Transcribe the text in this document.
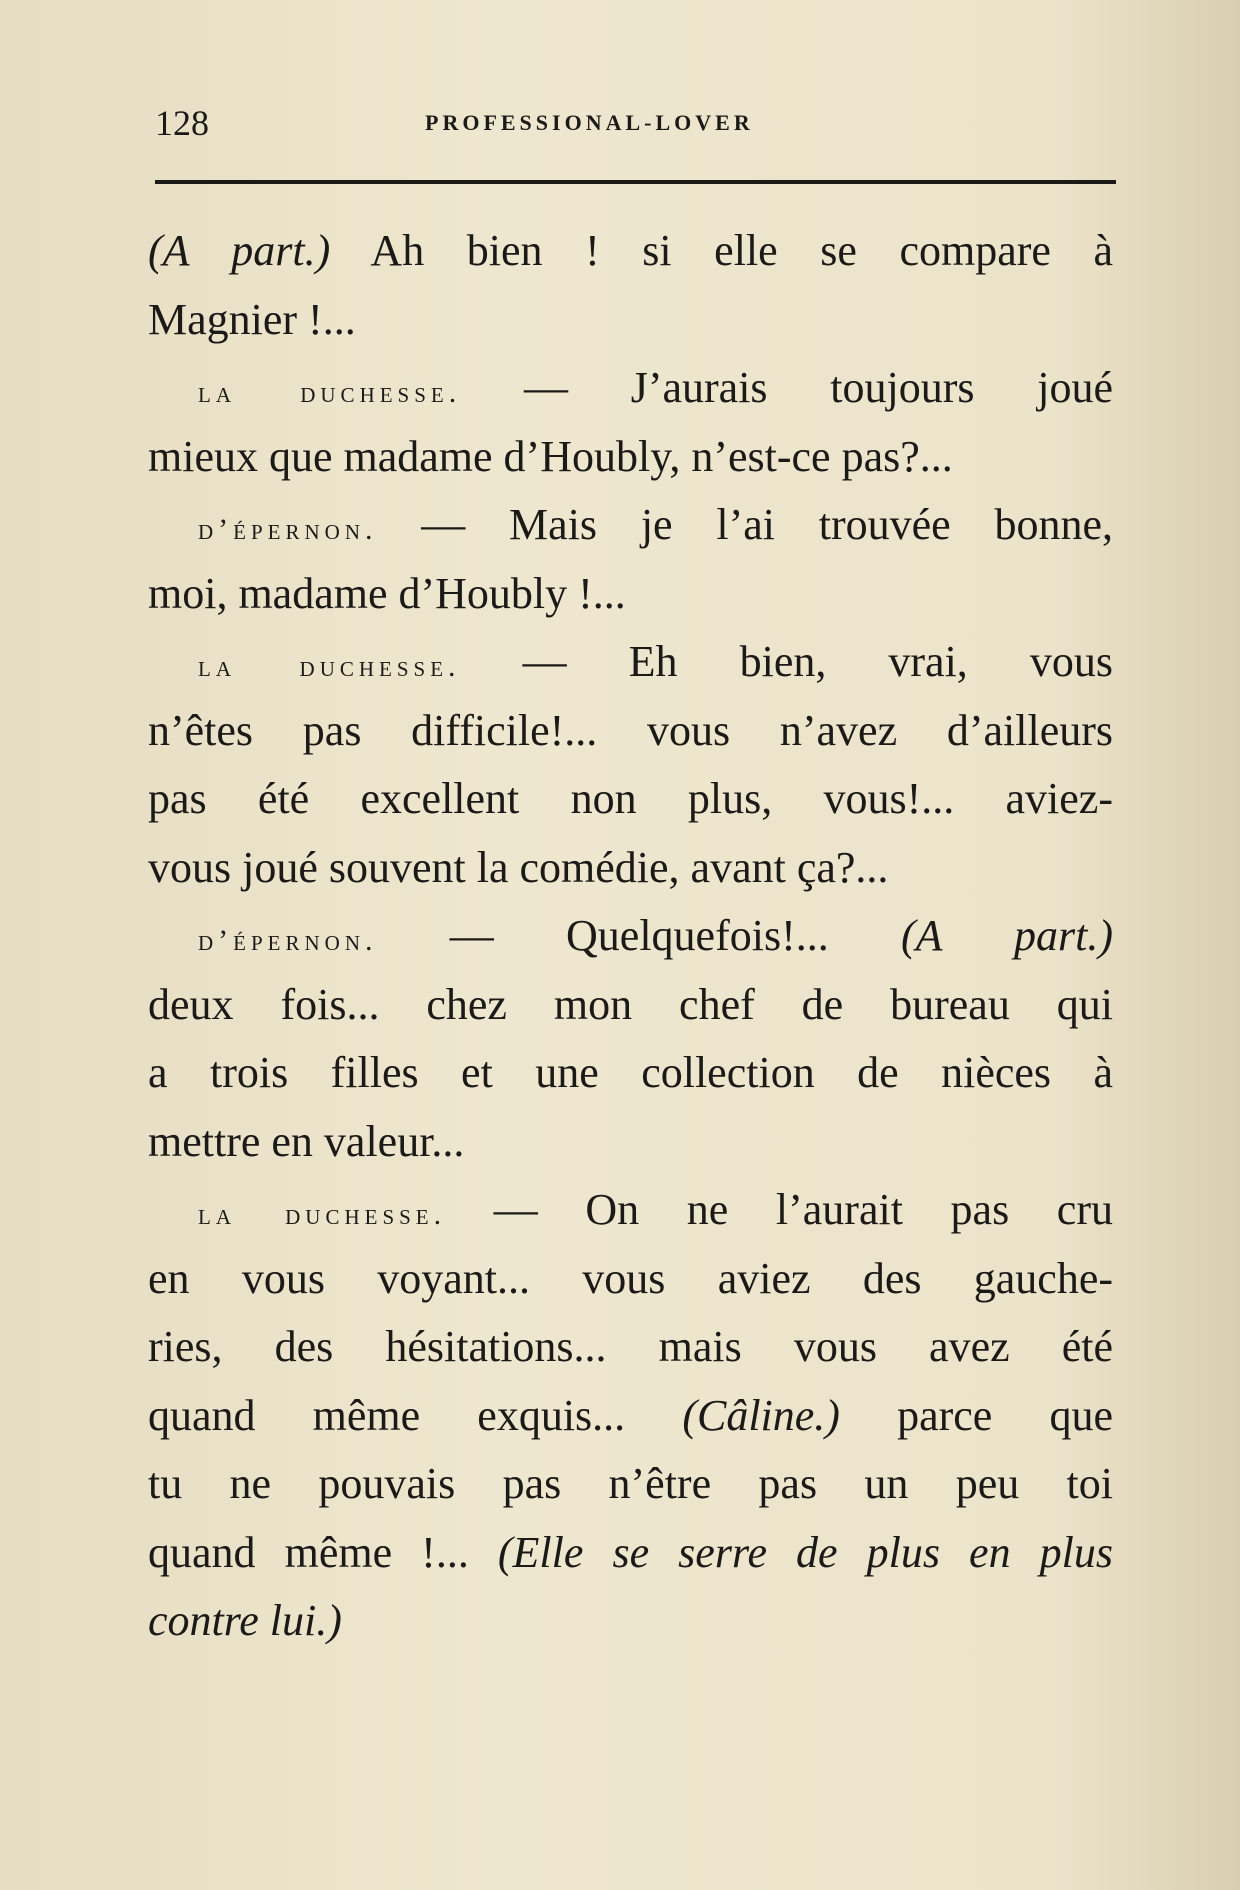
128	PROFESSIONAL-LOVER
(A part.) Ah bien ! si elle se compare à
Magnier !...
la duchesse. — J’aurais toujours joué
mieux que madame d’Houbly, n’est-ce pas?...
d’épernon. — Mais je l’ai trouvée bonne,
moi, madame d’Houbly !...
la duchesse. — Eh bien, vrai, vous
n’êtes pas difficile!... vous n’avez d’ailleurs
pas été excellent non plus, vous!... aviez-
vous joué souvent la comédie, avant ça?...
d’épernon. — Quelquefois!... (A part.)
deux fois... chez mon chef de bureau qui
a trois filles et une collection de nièces à
mettre en valeur...
la duchesse. — On ne l’aurait pas cru
en vous voyant... vous aviez des gauche-
ries, des hésitations... mais vous avez été
quand même exquis... (Câline.) parce que
tu ne pouvais pas n’être pas un peu toi
quand même !... (Elle se serre de plus en plus
contre lui.)
